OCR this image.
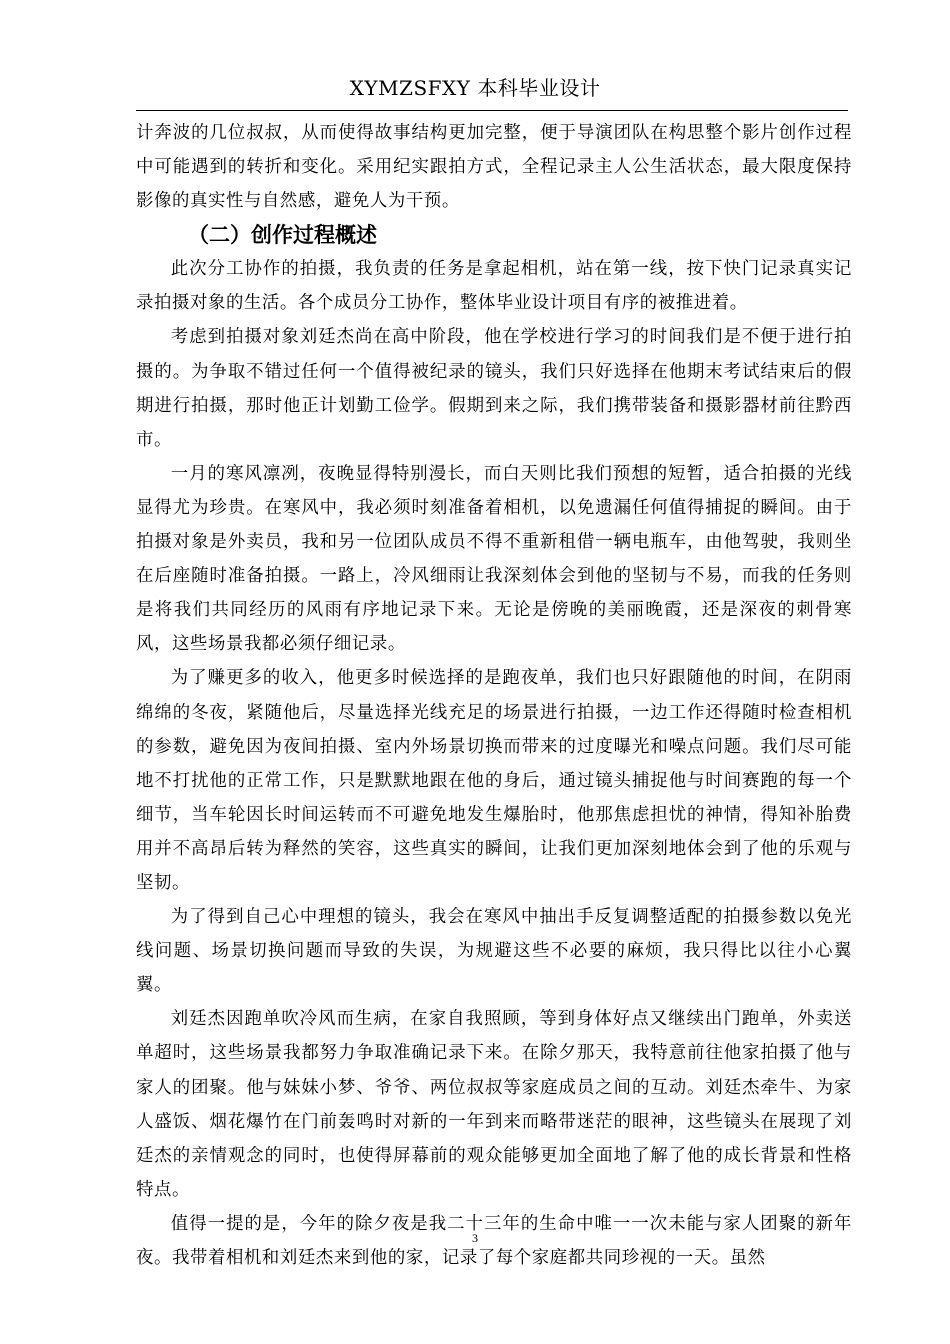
XYMZSFXY 本科毕业设计

计奔波的几位叔叔，从而使得故事结构更加完整，便于导演团队在构思整个影片创作过程中可能遇到的转折和变化。采用纪实跟拍方式，全程记录主人公生活状态，最大限度保持影像的真实性与自然感，避免人为干预。

（二）创作过程概述

此次分工协作的拍摄，我负责的任务是拿起相机，站在第一线，按下快门记录真实记录拍摄对象的生活。各个成员分工协作，整体毕业设计项目有序的被推进着。

考虑到拍摄对象刘廷杰尚在高中阶段，他在学校进行学习的时间我们是不便于进行拍摄的。为争取不错过任何一个值得被纪录的镜头，我们只好选择在他期末考试结束后的假期进行拍摄，那时他正计划勤工俭学。假期到来之际，我们携带装备和摄影器材前往黔西市。

一月的寒风凛冽，夜晚显得特别漫长，而白天则比我们预想的短暂，适合拍摄的光线显得尤为珍贵。在寒风中，我必须时刻准备着相机，以免遗漏任何值得捕捉的瞬间。由于拍摄对象是外卖员，我和另一位团队成员不得不重新租借一辆电瓶车，由他驾驶，我则坐在后座随时准备拍摄。一路上，冷风细雨让我深刻体会到他的坚韧与不易，而我的任务则是将我们共同经历的风雨有序地记录下来。无论是傍晚的美丽晚霞，还是深夜的刺骨寒风，这些场景我都必须仔细记录。

为了赚更多的收入，他更多时候选择的是跑夜单，我们也只好跟随他的时间，在阴雨绵绵的冬夜，紧随他后，尽量选择光线充足的场景进行拍摄，一边工作还得随时检查相机的参数，避免因为夜间拍摄、室内外场景切换而带来的过度曝光和噪点问题。我们尽可能地不打扰他的正常工作，只是默默地跟在他的身后，通过镜头捕捉他与时间赛跑的每一个细节，当车轮因长时间运转而不可避免地发生爆胎时，他那焦虑担忧的神情，得知补胎费用并不高昂后转为释然的笑容，这些真实的瞬间，让我们更加深刻地体会到了他的乐观与坚韧。

为了得到自己心中理想的镜头，我会在寒风中抽出手反复调整适配的拍摄参数以免光线问题、场景切换问题而导致的失误，为规避这些不必要的麻烦，我只得比以往小心翼翼。

刘廷杰因跑单吹冷风而生病，在家自我照顾，等到身体好点又继续出门跑单，外卖送单超时，这些场景我都努力争取准确记录下来。在除夕那天，我特意前往他家拍摄了他与家人的团聚。他与妹妹小梦、爷爷、两位叔叔等家庭成员之间的互动。刘廷杰牵牛、为家人盛饭、烟花爆竹在门前轰鸣时对新的一年到来而略带迷茫的眼神，这些镜头在展现了刘廷杰的亲情观念的同时，也使得屏幕前的观众能够更加全面地了解了他的成长背景和性格特点。

值得一提的是，今年的除夕夜是我二十三年的生命中唯一一次未能与家人团聚的新年夜。我带着相机和刘廷杰来到他的家，记录了每个家庭都共同珍视的一天。虽然

3
